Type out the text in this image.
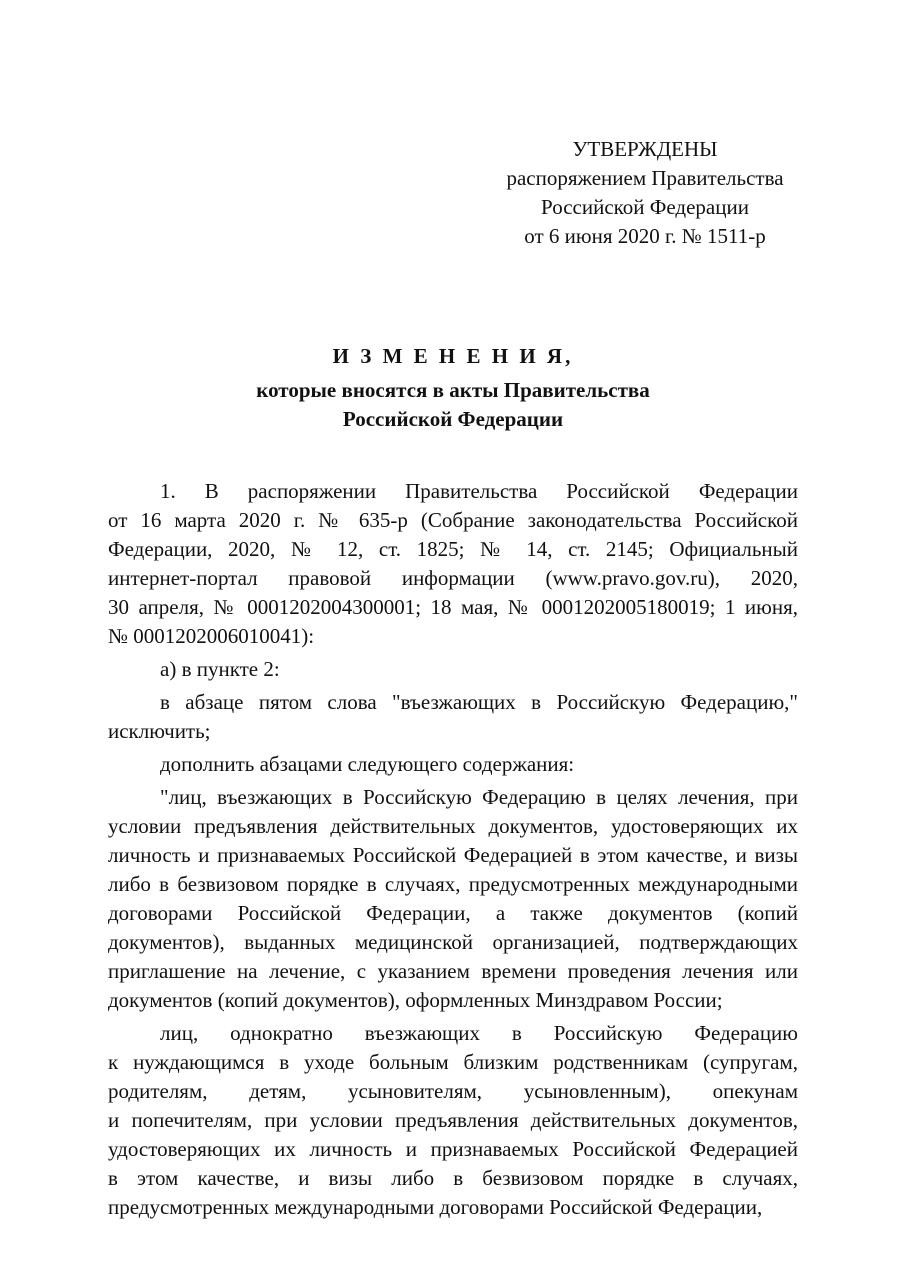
УТВЕРЖДЕНЫ
распоряжением Правительства
Российской Федерации
от 6 июня 2020 г. № 1511-р
И З М Е Н Е Н И Я,
которые вносятся в акты Правительства
Российской Федерации
1. В распоряжении Правительства Российской Федерации
от 16 марта 2020 г. № 635-р (Собрание законодательства Российской
Федерации, 2020, № 12, ст. 1825; № 14, ст. 2145; Официальный
интернет-портал правовой информации (www.pravo.gov.ru), 2020,
30 апреля, № 0001202004300001; 18 мая, № 0001202005180019; 1 июня,
№ 0001202006010041):
а) в пункте 2:
в абзаце пятом слова "въезжающих в Российскую Федерацию,"
исключить;
дополнить абзацами следующего содержания:
"лиц, въезжающих в Российскую Федерацию в целях лечения, при
условии предъявления действительных документов, удостоверяющих их
личность и признаваемых Российской Федерацией в этом качестве, и визы
либо в безвизовом порядке в случаях, предусмотренных международными
договорами Российской Федерации, а также документов (копий
документов), выданных медицинской организацией, подтверждающих
приглашение на лечение, с указанием времени проведения лечения или
документов (копий документов), оформленных Минздравом России;
лиц, однократно въезжающих в Российскую Федерацию
к нуждающимся в уходе больным близким родственникам (супругам,
родителям, детям, усыновителям, усыновленным), опекунам
и попечителям, при условии предъявления действительных документов,
удостоверяющих их личность и признаваемых Российской Федерацией
в этом качестве, и визы либо в безвизовом порядке в случаях,
предусмотренных международными договорами Российской Федерации,
